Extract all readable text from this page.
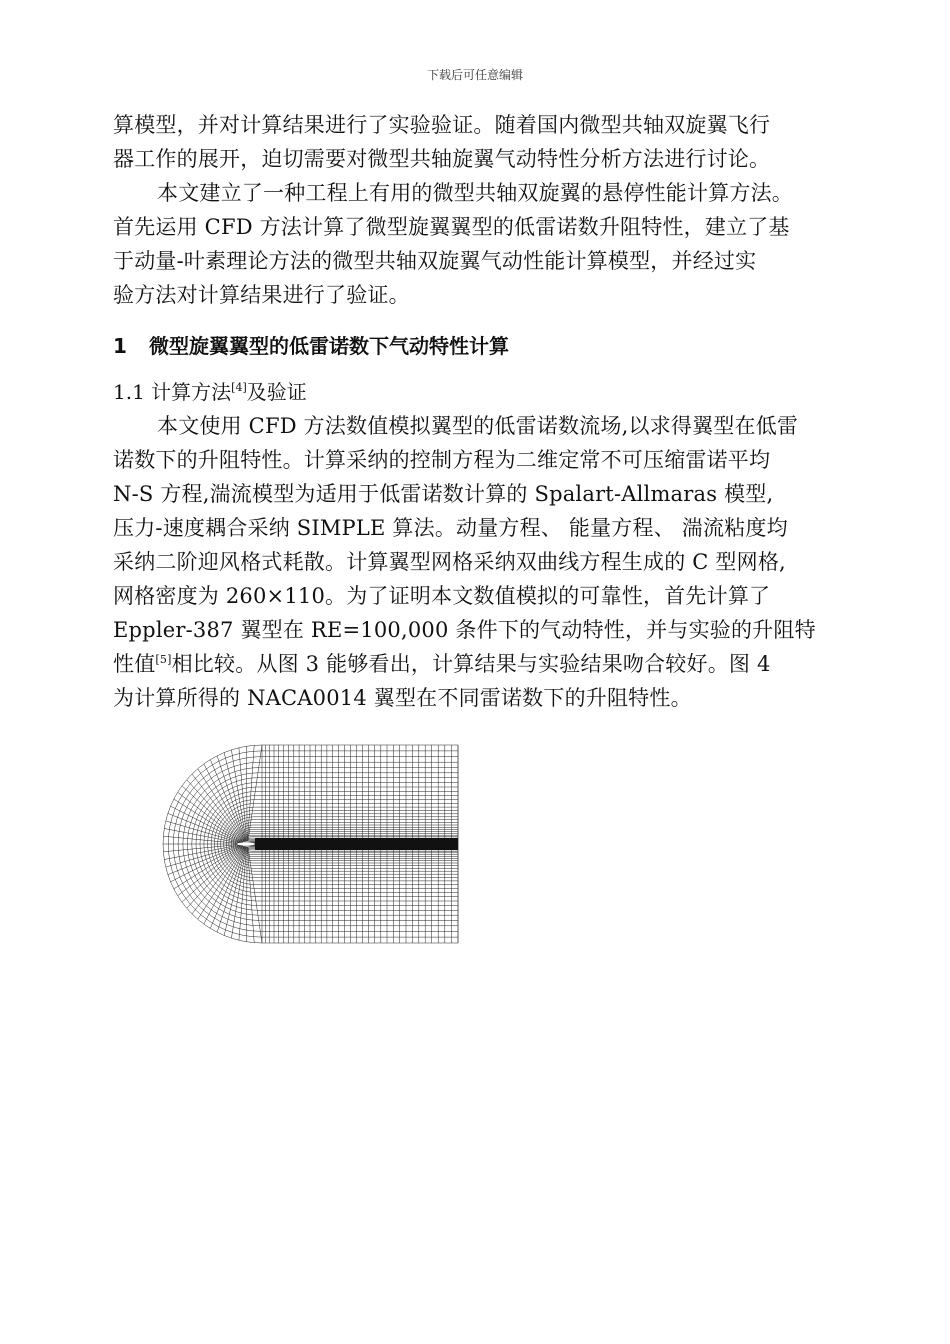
下载后可任意编辑
算模型，并对计算结果进行了实验验证。随着国内微型共轴双旋翼飞行
器工作的展开，迫切需要对微型共轴旋翼气动特性分析方法进行讨论。
本文建立了一种工程上有用的微型共轴双旋翼的悬停性能计算方法。
首先运用 CFD 方法计算了微型旋翼翼型的低雷诺数升阻特性，建立了基
于动量-叶素理论方法的微型共轴双旋翼气动性能计算模型，并经过实
验方法对计算结果进行了验证。
1 微型旋翼翼型的低雷诺数下气动特性计算
1.1 计算方法[4]及验证
本文使用 CFD 方法数值模拟翼型的低雷诺数流场,以求得翼型在低雷
诺数下的升阻特性。计算采纳的控制方程为二维定常不可压缩雷诺平均
N-S 方程,湍流模型为适用于低雷诺数计算的 Spalart-Allmaras 模型,
压力-速度耦合采纳 SIMPLE 算法。动量方程、 能量方程、 湍流粘度均
采纳二阶迎风格式耗散。计算翼型网格采纳双曲线方程生成的 C 型网格,
网格密度为 260×110。为了证明本文数值模拟的可靠性，首先计算了
Eppler-387 翼型在 RE=100,000 条件下的气动特性，并与实验的升阻特
性值[5]相比较。从图 3 能够看出，计算结果与实验结果吻合较好。图 4
为计算所得的 NACA0014 翼型在不同雷诺数下的升阻特性。
